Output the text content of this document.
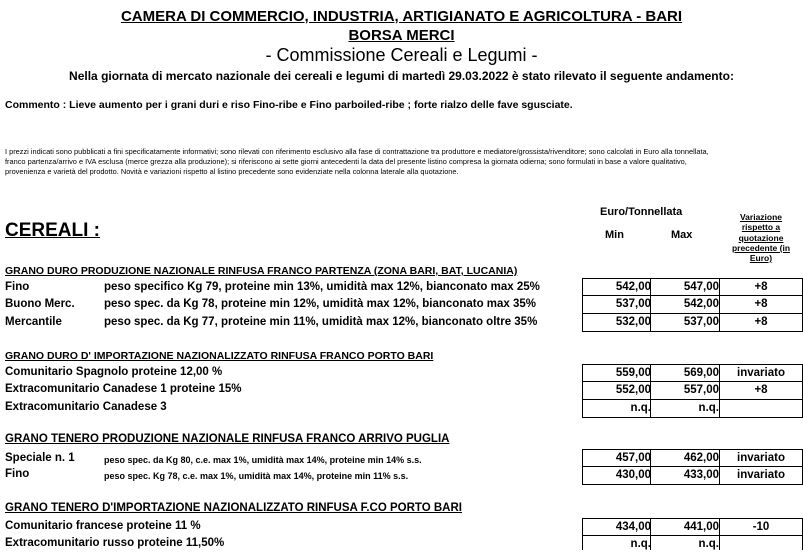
CAMERA DI COMMERCIO, INDUSTRIA, ARTIGIANATO E AGRICOLTURA - BARI
BORSA MERCI
- Commissione Cereali e Legumi -
Nella giornata di mercato nazionale dei cereali e legumi di martedì 29.03.2022 è stato rilevato il seguente andamento:
Commento : Lieve aumento per i grani duri e riso Fino-ribe e Fino parboiled-ribe ; forte rialzo delle fave sgusciate.
I prezzi indicati sono pubblicati a fini specificatamente informativi; sono rilevati con riferimento esclusivo alla fase di contrattazione tra produttore e mediatore/grossista/rivenditore; sono calcolati in Euro alla tonnellata,
franco partenza/arrivo e IVA esclusa (merce grezza alla produzione); si riferiscono ai sette giorni antecedenti la data del presente listino compresa la giornata odierna; sono formulati in base a valore qualitativo,
provenienza e varietà del prodotto. Novità e variazioni rispetto al listino precedente sono evidenziate nella colonna laterale alla quotazione.
CEREALI :
Euro/Tonnellata
Min	Max
Variazione rispetto a quotazione precedente (in Euro)
GRANO DURO PRODUZIONE NAZIONALE RINFUSA FRANCO PARTENZA (ZONA BARI, BAT, LUCANIA)
Fino	peso specifico Kg 79, proteine min 13%, umidità max 12%, bianconato max 25%	542,00	547,00	+8
Buono Merc.	peso spec. da Kg 78, proteine min 12%, umidità max 12%, bianconato max 35%	537,00	542,00	+8
Mercantile	peso spec. da Kg 77, proteine min 11%, umidità max 12%, bianconato oltre 35%	532,00	537,00	+8
GRANO DURO D' IMPORTAZIONE NAZIONALIZZATO RINFUSA FRANCO PORTO BARI
Comunitario Spagnolo proteine 12,00 %	559,00	569,00	invariato
Extracomunitario Canadese 1 proteine 15%	552,00	557,00	+8
Extracomunitario Canadese 3	n.q.	n.q.
GRANO TENERO PRODUZIONE NAZIONALE RINFUSA FRANCO ARRIVO PUGLIA
Speciale n. 1	peso spec. da Kg 80, c.e. max 1%, umidità max 14%, proteine min 14% s.s.	457,00	462,00	invariato
Fino	peso spec. Kg 78, c.e. max 1%, umidità max 14%, proteine min 11% s.s.	430,00	433,00	invariato
GRANO TENERO D'IMPORTAZIONE NAZIONALIZZATO RINFUSA F.CO PORTO BARI
Comunitario francese proteine 11 %	434,00	441,00	-10
Extracomunitario russo proteine 11,50%	n.q.	n.q.
